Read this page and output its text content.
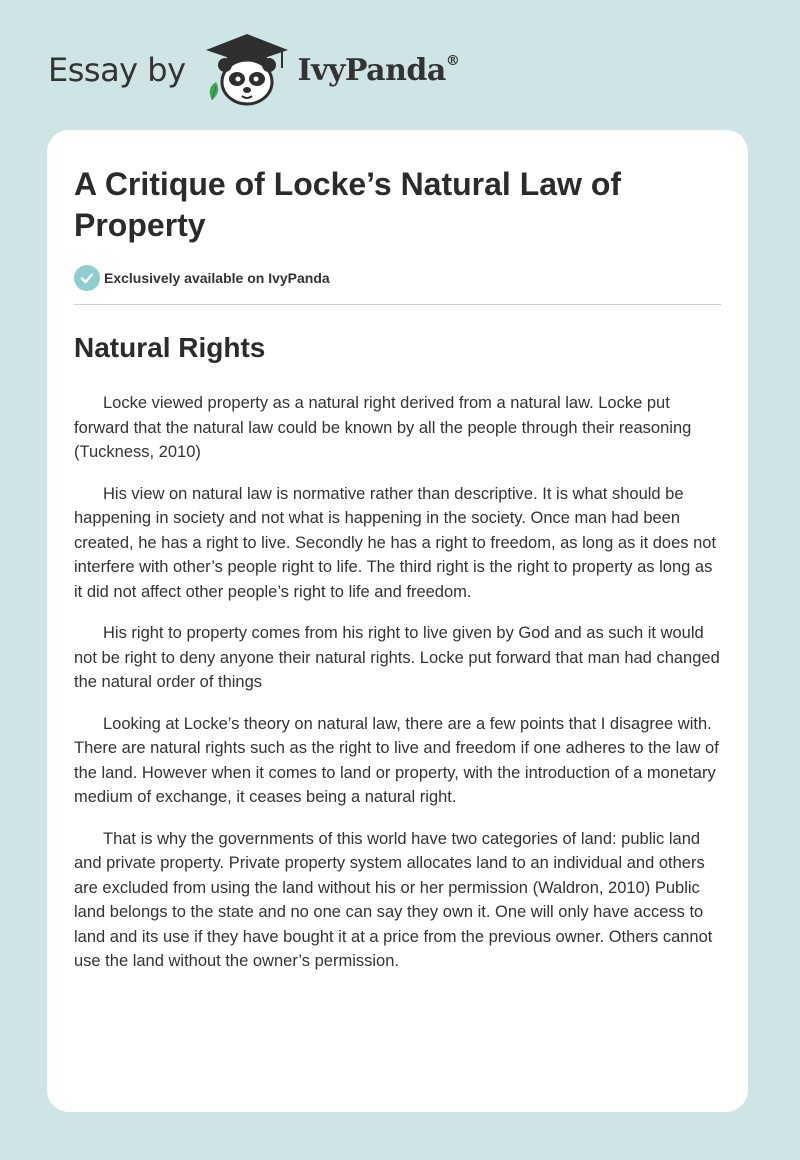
Essay by	IvyPanda®
A Critique of Locke’s Natural Law of Property
Exclusively available on IvyPanda
Natural Rights

Locke viewed property as a natural right derived from a natural law. Locke put forward that the natural law could be known by all the people through their reasoning (Tuckness, 2010)

His view on natural law is normative rather than descriptive. It is what should be happening in society and not what is happening in the society. Once man had been created, he has a right to live. Secondly he has a right to freedom, as long as it does not interfere with other’s people right to life. The third right is the right to property as long as it did not affect other people’s right to life and freedom.

His right to property comes from his right to live given by God and as such it would not be right to deny anyone their natural rights. Locke put forward that man had changed the natural order of things

Looking at Locke’s theory on natural law, there are a few points that I disagree with. There are natural rights such as the right to live and freedom if one adheres to the law of the land. However when it comes to land or property, with the introduction of a monetary medium of exchange, it ceases being a natural right.

That is why the governments of this world have two categories of land: public land and private property. Private property system allocates land to an individual and others are excluded from using the land without his or her permission (Waldron, 2010) Public land belongs to the state and no one can say they own it. One will only have access to land and its use if they have bought it at a price from the previous owner. Others cannot use the land without the owner’s permission.
